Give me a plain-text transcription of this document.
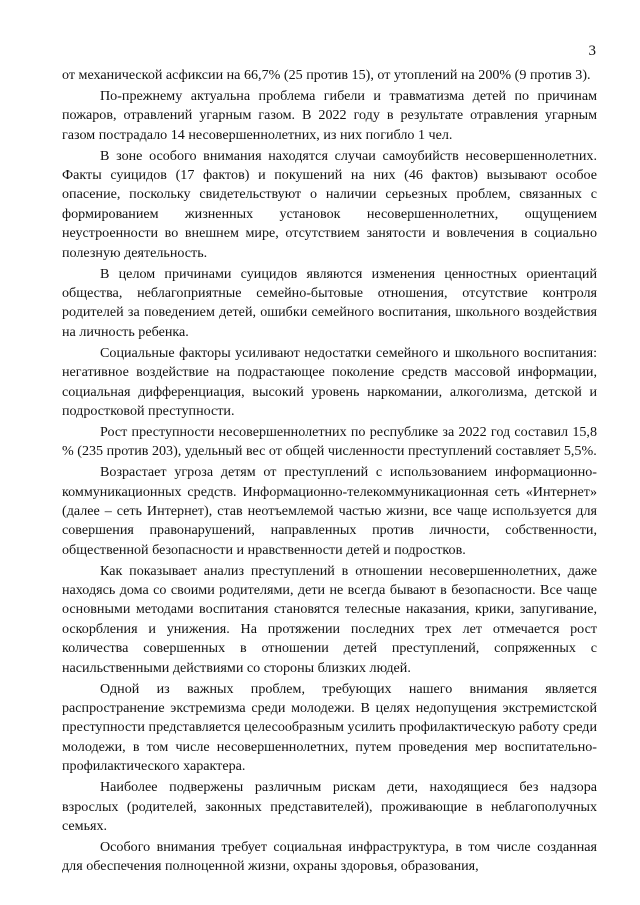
3

от механической асфиксии на 66,7% (25 против 15), от утоплений на 200% (9 против 3).

По-прежнему актуальна проблема гибели и травматизма детей по причинам пожаров, отравлений угарным газом. В 2022 году в результате отравления угарным газом пострадало 14 несовершеннолетних, из них погибло 1 чел.

В зоне особого внимания находятся случаи самоубийств несовершеннолетних. Факты суицидов (17 фактов) и покушений на них (46 фактов) вызывают особое опасение, поскольку свидетельствуют о наличии серьезных проблем, связанных с формированием жизненных установок несовершеннолетних, ощущением неустроенности во внешнем мире, отсутствием занятости и вовлечения в социально полезную деятельность.

В целом причинами суицидов являются изменения ценностных ориентаций общества, неблагоприятные семейно-бытовые отношения, отсутствие контроля родителей за поведением детей, ошибки семейного воспитания, школьного воздействия на личность ребенка.

Социальные факторы усиливают недостатки семейного и школьного воспитания: негативное воздействие на подрастающее поколение средств массовой информации, социальная дифференциация, высокий уровень наркомании, алкоголизма, детской и подростковой преступности.

Рост преступности несовершеннолетних по республике за 2022 год составил 15,8 % (235 против 203), удельный вес от общей численности преступлений составляет 5,5%.

Возрастает угроза детям от преступлений с использованием информационно-коммуникационных средств. Информационно-телекоммуникационная сеть «Интернет» (далее – сеть Интернет), став неотъемлемой частью жизни, все чаще используется для совершения правонарушений, направленных против личности, собственности, общественной безопасности и нравственности детей и подростков.

Как показывает анализ преступлений в отношении несовершеннолетних, даже находясь дома со своими родителями, дети не всегда бывают в безопасности. Все чаще основными методами воспитания становятся телесные наказания, крики, запугивание, оскорбления и унижения. На протяжении последних трех лет отмечается рост количества совершенных в отношении детей преступлений, сопряженных с насильственными действиями со стороны близких людей.

Одной из важных проблем, требующих нашего внимания является распространение экстремизма среди молодежи. В целях недопущения экстремистской преступности представляется целесообразным усилить профилактическую работу среди молодежи, в том числе несовершеннолетних, путем проведения мер воспитательно-профилактического характера.

Наиболее подвержены различным рискам дети, находящиеся без надзора взрослых (родителей, законных представителей), проживающие в неблагополучных семьях.

Особого внимания требует социальная инфраструктура, в том числе созданная для обеспечения полноценной жизни, охраны здоровья, образования,
